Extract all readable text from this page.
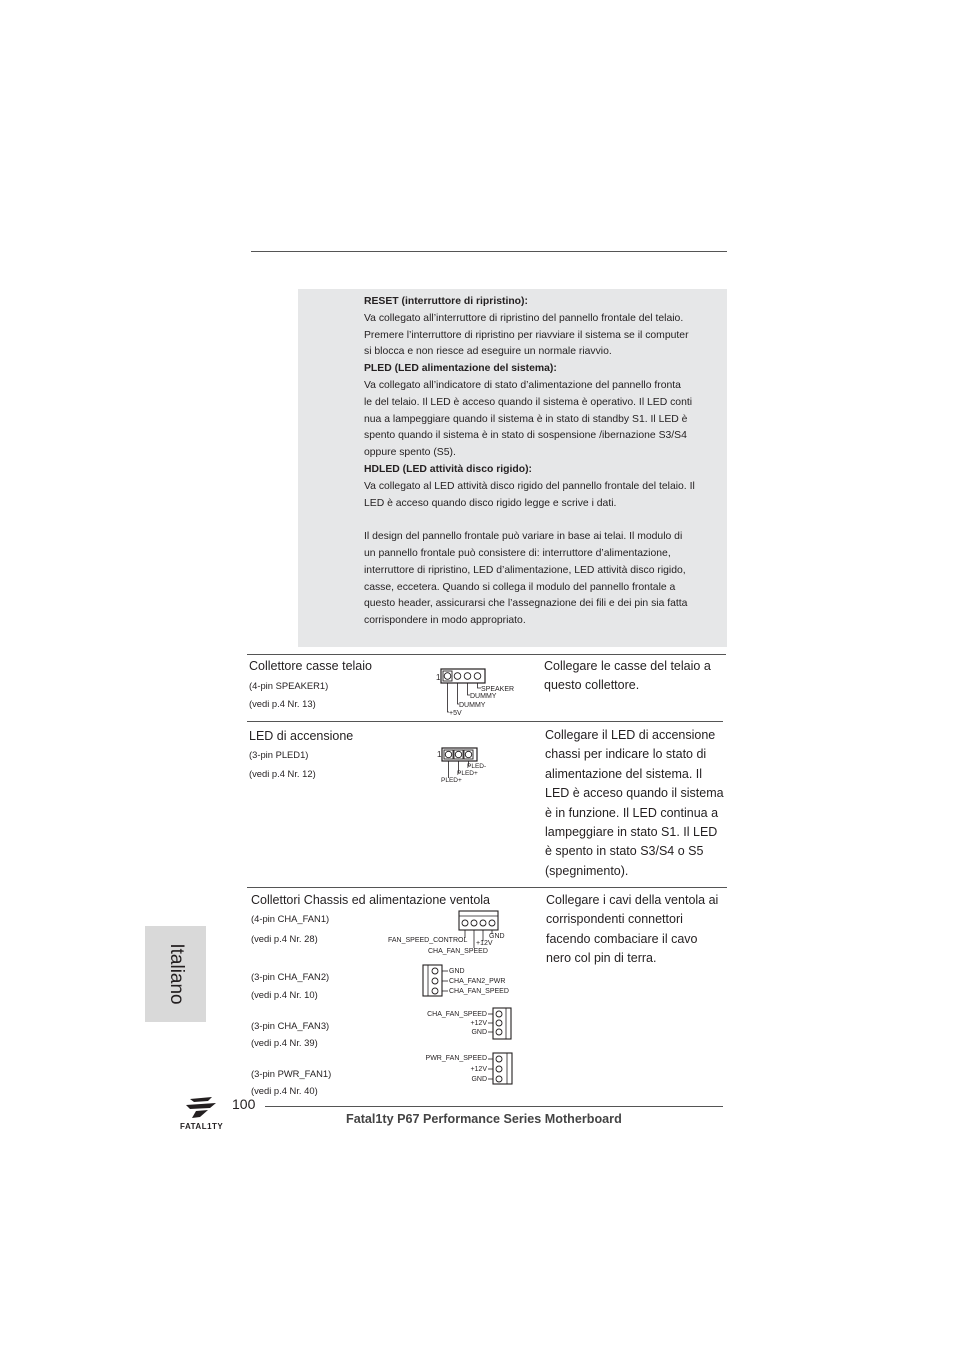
RESET (interruttore di ripristino):
Va collegato all’interruttore di ripristino del pannello frontale del telaio.
Premere l’interruttore di ripristino per riavviare il sistema se il computer
si blocca e non riesce ad eseguire un normale riavvio.
PLED (LED alimentazione del sistema):
Va collegato all’indicatore di stato d’alimentazione del pannello fronta
le del telaio. Il LED è acceso quando il sistema è operativo. Il LED conti
nua a lampeggiare quando il sistema è in stato di standby S1. Il LED è
spento quando il sistema è in stato di sospensione /ibernazione S3/S4
oppure spento (S5).
HDLED (LED attività disco rigido):
Va collegato al LED attività disco rigido del pannello frontale del telaio. Il
LED è acceso quando disco rigido legge e scrive i dati.
Il design del pannello frontale può variare in base ai telai. Il modulo di
un pannello frontale può consistere di: interruttore d’alimentazione,
interruttore di ripristino, LED d’alimentazione, LED attività disco rigido,
casse, eccetera. Quando si collega il modulo del pannello frontale a
questo header, assicurarsi che l’assegnazione dei fili e dei pin sia fatta
corrispondere in modo appropriato.
Collettore casse telaio
(4-pin SPEAKER1)
(vedi p.4 Nr. 13)
Collegare le casse del telaio a
questo collettore.
1
SPEAKER
DUMMY
DUMMY
+5V
LED di accensione
(3-pin PLED1)
(vedi p.4 Nr. 12)
Collegare il LED di accensione
chassi per indicare lo stato di
alimentazione del sistema. Il
LED è acceso quando il sistema
è in funzione. Il LED continua a
lampeggiare in stato S1. Il LED
è spento in stato S3/S4 o S5
(spegnimento).
1
PLED-
PLED+
PLED+
Collettori Chassis ed alimentazione ventola	Collegare i cavi della ventola ai
corrispondenti connettori
facendo combaciare il cavo
nero col pin di terra.
(4-pin CHA_FAN1)
(vedi p.4 Nr. 28)	FAN_SPEED_CONTROL
GND
+12V
CHA_FAN_SPEED
(3-pin CHA_FAN2)
(vedi p.4 Nr. 10)
GND
CHA_FAN2_PWR
CHA_FAN_SPEED
(3-pin CHA_FAN3)
(vedi p.4 Nr. 39)
CHA_FAN_SPEED
+12V
GND
(3-pin PWR_FAN1)
(vedi p.4 Nr. 40)
PWR_FAN_SPEED
+12V
GND
Italiano
FATAL1TY
100
Fatal1ty P67 Performance Series Motherboard
